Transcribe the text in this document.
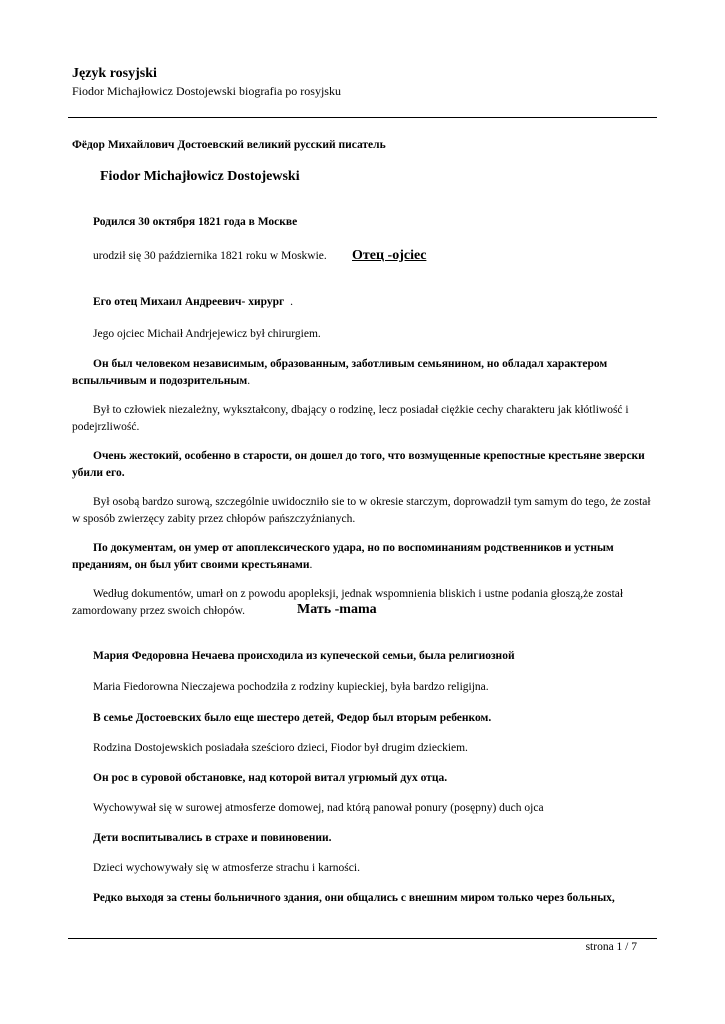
Język rosyjski
Fiodor Michajłowicz Dostojewski biografia po rosyjsku
Фёдор Михайлович Достоевский великий русский писатель
Fiodor Michajłowicz Dostojewski
Родился 30 октября 1821 года в Москве
urodził się 30 października 1821 roku w Moskwie. Отец -ojciec
Его отец Михаил Андреевич- хирург .
Jego ojciec Michaił Andrjejewicz był chirurgiem.
Он был человеком независимым, образованным, заботливым семьянином, но обладал характером вспыльчивым и подозрительным.
Był to człowiek niezależny, wykształcony, dbający o rodzinę, lecz posiadał ciężkie cechy charakteru jak kłótliwość i podejrzliwość.
Очень жестокий, особенно в старости, он дошел до того, что возмущенные крепостные крестьяне зверски убили его.
Był osobą bardzo surową, szczególnie uwidoczniło sie to w okresie starczym, doprowadził tym samym do tego, że został w sposób zwierzęcy zabity przez chłopów pańszczyźnianych.
По документам, он умер от апоплексического удара, но по воспоминаниям родственников и устным преданиям, он был убит своими крестьянами.
Według dokumentów, umarł on z powodu apopleksji, jednak wspomnienia bliskich i ustne podania głoszą,że został zamordowany przez swoich chłopów.	Мать -mama
Мария Федоровна Нечаева происходила из купеческой семьи, была религиозной
Maria Fiedorowna Nieczajewa pochodziła z rodziny kupieckiej, była bardzo religijna.
В семье Достоевских было еще шестеро детей, Федор был вторым ребенком.
Rodzina Dostojewskich posiadała sześcioro dzieci, Fiodor był drugim dzieckiem.
Он рос в суровой обстановке, над которой витал угрюмый дух отца.
Wychowywał się w surowej atmosferze domowej, nad którą panował ponury (posępny) duch ojca
Дети воспитывались в страхе и повиновении.
Dzieci wychowywały się w atmosferze strachu i karności.
Редко выходя за стены больничного здания, они общались с внешним миром только через больных,
strona 1 / 7
